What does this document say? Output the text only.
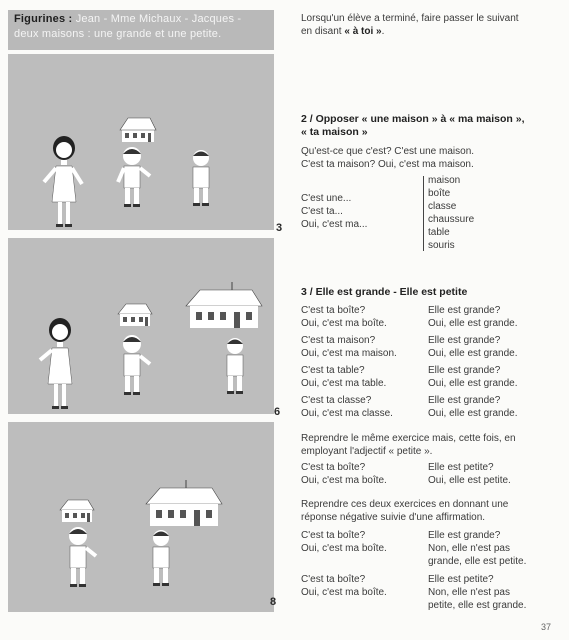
Figurines : Jean - Mme Michaux - Jacques -
deux maisons : une grande et une petite.
3
6
8
Lorsqu'un élève a terminé, faire passer le suivant
en disant « à toi ».
2 / Opposer « une maison » à « ma maison »,
« ta maison »
Qu'est-ce que c'est? C'est une maison.
C'est ta maison? Oui, c'est ma maison.
C'est une...
C'est ta...
Oui, c'est ma...
maison
boîte
classe
chaussure
table
souris
3 / Elle est grande - Elle est petite
C'est ta boîte?
Oui, c'est ma boîte.
Elle est grande?
Oui, elle est grande.
C'est ta maison?
Oui, c'est ma maison.
Elle est grande?
Oui, elle est grande.
C'est ta table?
Oui, c'est ma table.
Elle est grande?
Oui, elle est grande.
C'est ta classe?
Oui, c'est ma classe.
Elle est grande?
Oui, elle est grande.
Reprendre le même exercice mais, cette fois, en
employant l'adjectif « petite ».
C'est ta boîte?
Oui, c'est ma boîte.
Elle est petite?
Oui, elle est petite.
Reprendre ces deux exercices en donnant une
réponse négative suivie d'une affirmation.
C'est ta boîte?
Oui, c'est ma boîte.
Elle est grande?
Non, elle n'est pas
grande, elle est petite.
C'est ta boîte?
Oui, c'est ma boîte.
Elle est petite?
Non, elle n'est pas
petite, elle est grande.
37
